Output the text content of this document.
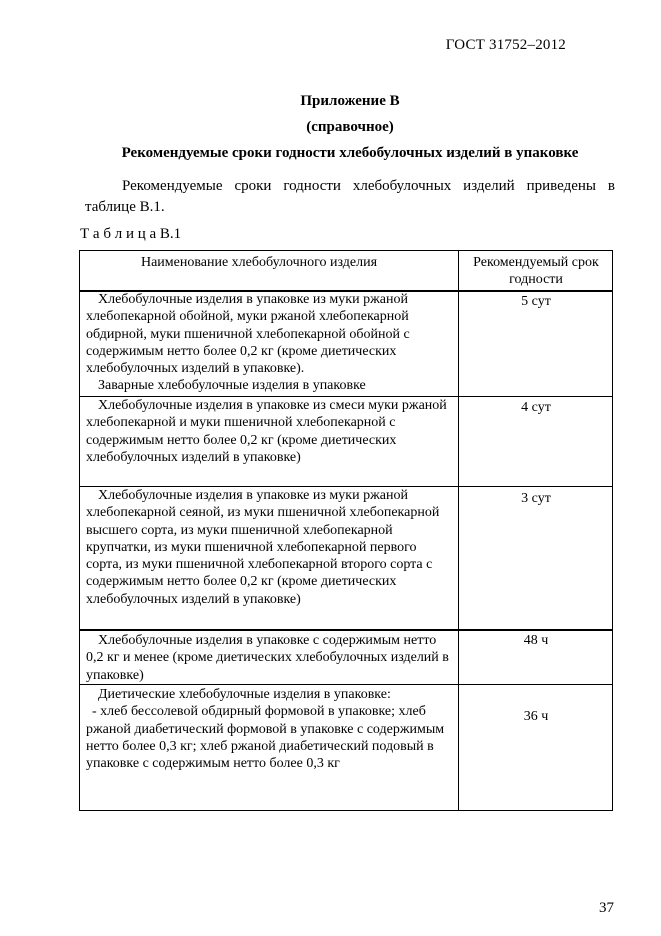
ГОСТ 31752–2012
Приложение В
(справочное)
Рекомендуемые сроки годности хлебобулочных изделий в упаковке
Рекомендуемые сроки годности хлебобулочных изделий приведены в
таблице В.1.
Т а б л и ц а В.1
Наименование хлебобулочного изделия	Рекомендуемый срок годности

Хлебобулочные изделия в упаковке из муки ржаной хлебопекарной обойной, муки ржаной хлебопекарной обдирной, муки пшеничной хлебопекарной обойной с содержимым нетто более 0,2 кг (кроме диетических хлебобулочных изделий в упаковке).

Заварные хлебобулочные изделия в упаковке

5 сут

Хлебобулочные изделия в упаковке из смеси муки ржаной хлебопекарной и муки пшеничной хлебопекарной с содержимым нетто более 0,2 кг (кроме диетических хлебобулочных изделий в упаковке)

4 сут

Хлебобулочные изделия в упаковке из муки ржаной хлебопекарной сеяной, из муки пшеничной хлебопекарной высшего сорта, из муки пшеничной хлебопекарной крупчатки, из муки пшеничной хлебопекарной первого сорта, из муки пшеничной хлебопекарной второго сорта с содержимым нетто более 0,2 кг (кроме диетических хлебобулочных изделий в упаковке)

3 сут

Хлебобулочные изделия в упаковке с содержимым нетто 0,2 кг и менее (кроме диетических хлебобулочных изделий в упаковке)

48 ч

Диетические хлебобулочные изделия в упаковке:

- хлеб бессолевой обдирный формовой в упаковке; хлеб ржаной диабетический формовой в упаковке с содержимым нетто более 0,3 кг; хлеб ржаной диабетический подовый в упаковке с содержимым нетто более 0,3 кг

36 ч
37
